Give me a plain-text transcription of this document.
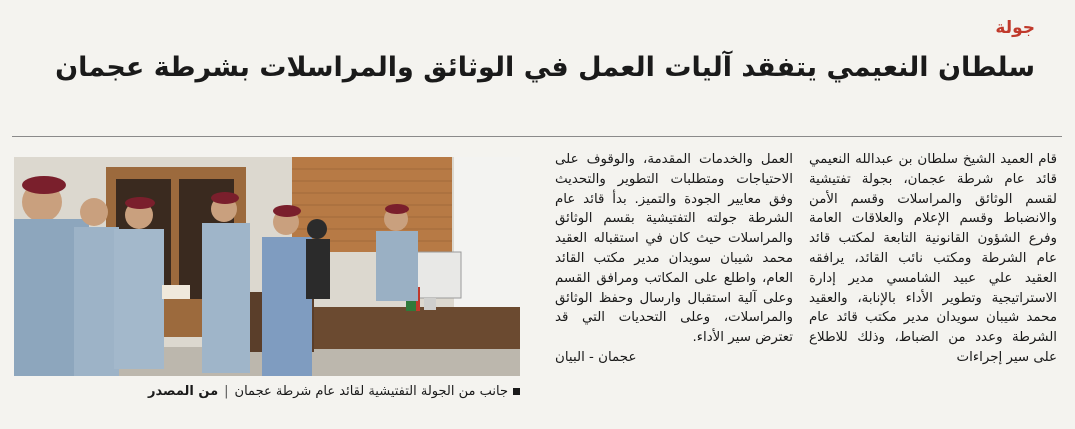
جولة
سلطان النعيمي يتفقد آليات العمل في الوثائق والمراسلات بشرطة عجمان

قام العميد الشيخ سلطان بن عبدالله النعيمي قائد عام شرطة عجمان، بجولة تفتيشية لقسم الوثائق والمراسلات وقسم الأمن والانضباط وقسم الإعلام والعلاقات العامة وفرع الشؤون القانونية التابعة لمكتب قائد عام الشرطة ومكتب نائب القائد، يرافقه العقيد علي عبيد الشامسي مدير إدارة الاستراتيجية وتطوير الأداء بالإنابة، والعقيد محمد شيبان سويدان مدير مكتب قائد عام الشرطة وعدد من الضباط، وذلك للاطلاع على سير إجراءات

العمل والخدمات المقدمة، والوقوف على الاحتياجات ومتطلبات التطوير والتحديث وفق معايير الجودة والتميز. بدأ قائد عام الشرطة جولته التفتيشية بقسم الوثائق والمراسلات حيث كان في استقباله العقيد محمد شيبان سويدان مدير مكتب القائد العام، واطلع على المكاتب ومرافق القسم وعلى آلية استقبال وارسال وحفظ الوثائق والمراسلات، وعلى التحديات التي قد تعترض سير الأداء.

عجمان - البيان
جانب من الجولة التفتيشية لقائد عام شرطة عجمان|من المصدر
